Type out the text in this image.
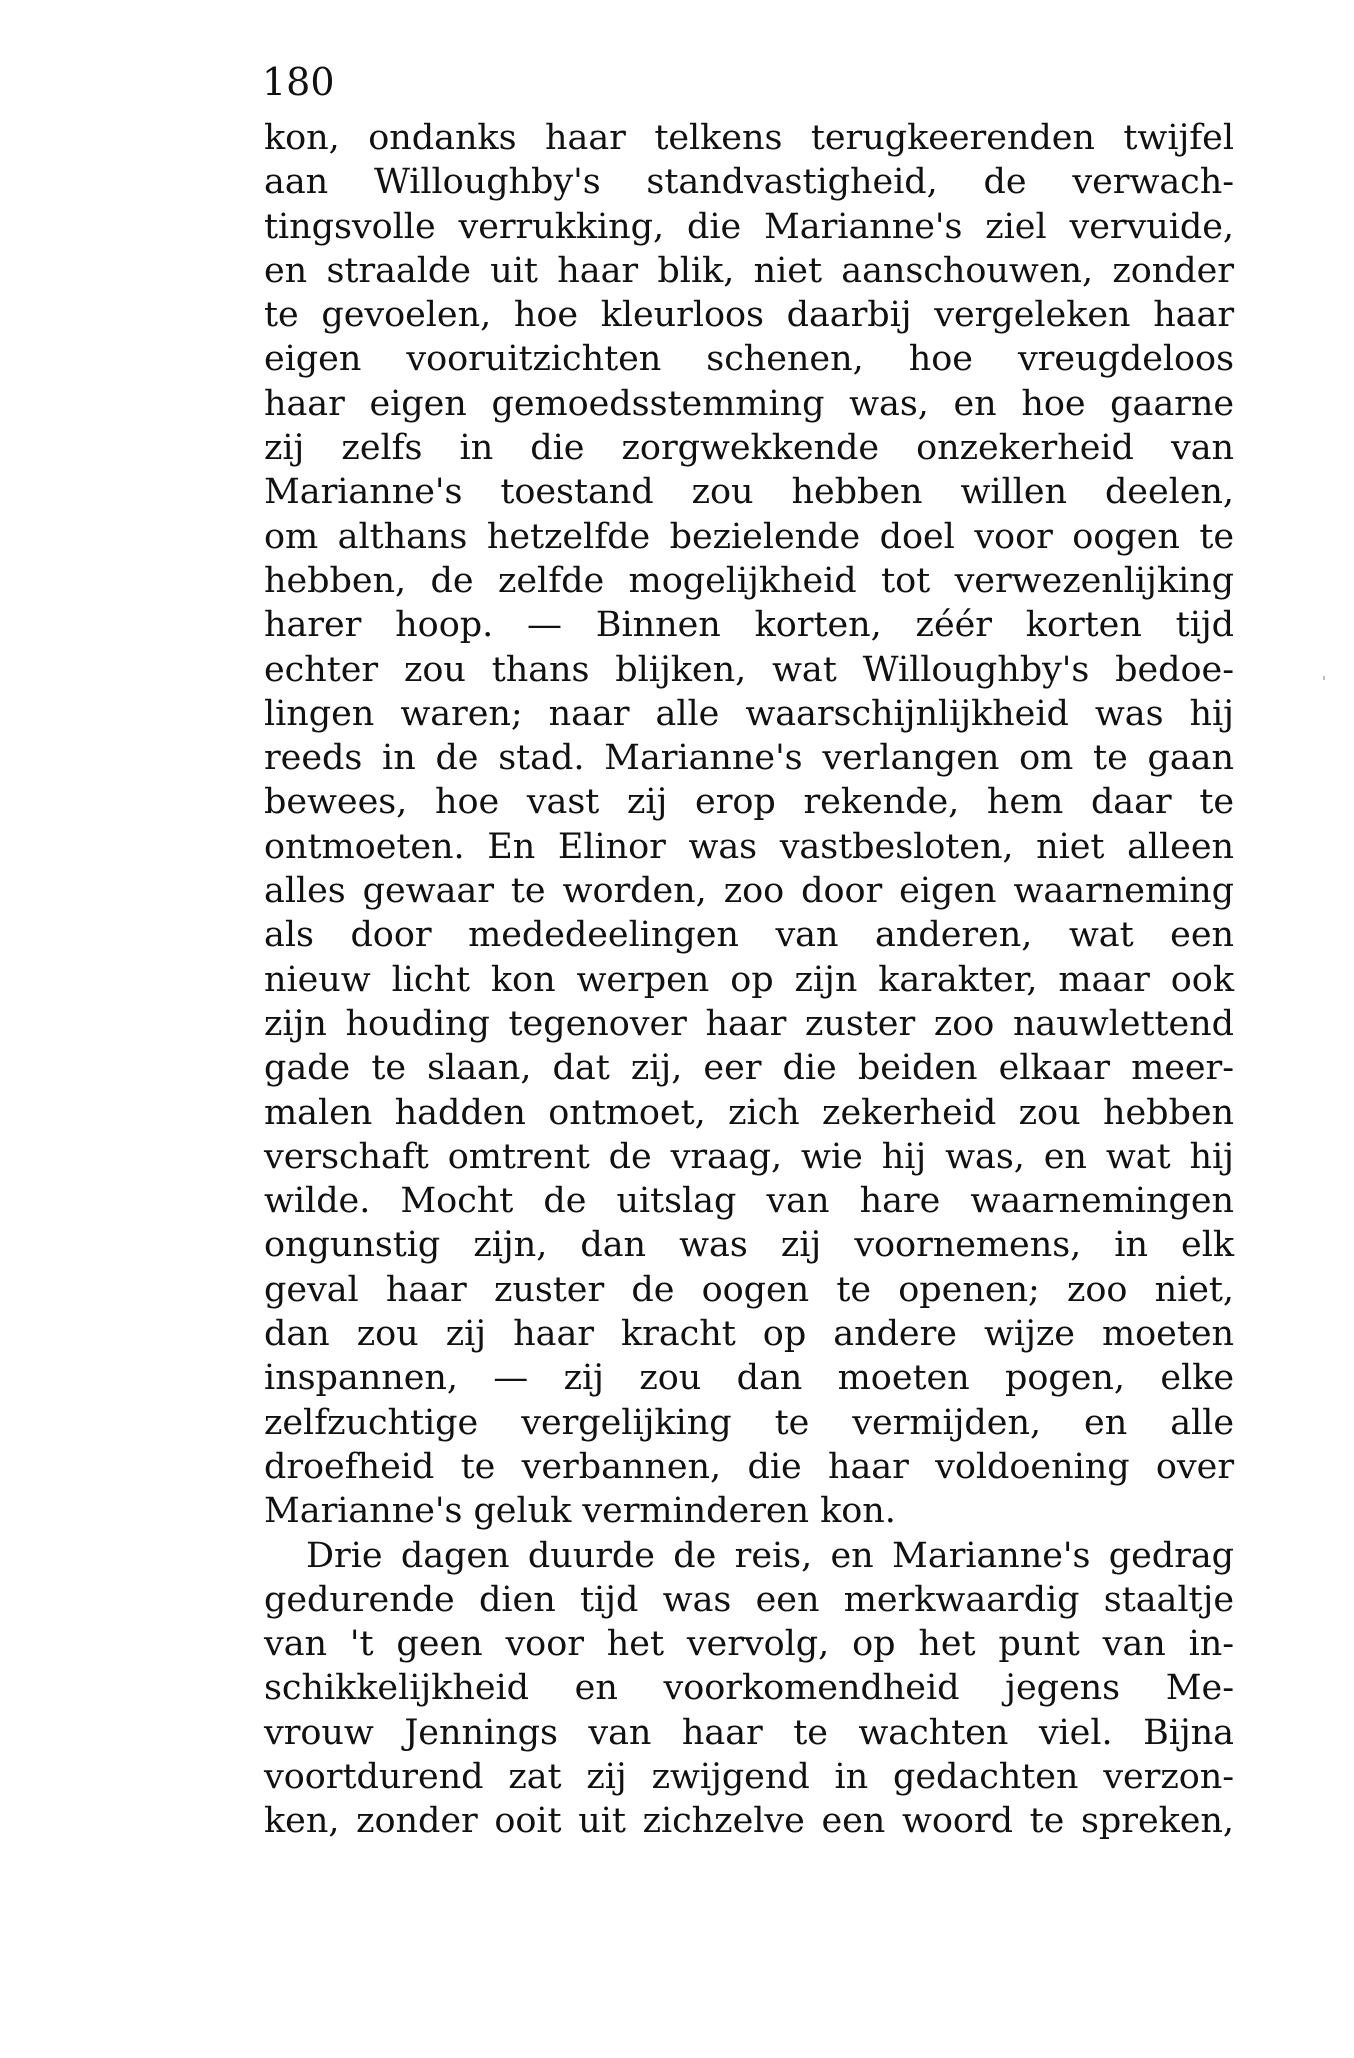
180
kon, ondanks haar telkens terugkeerenden twijfel
aan Willoughby's standvastigheid, de verwach-
tingsvolle verrukking, die Marianne's ziel vervuide,
en straalde uit haar blik, niet aanschouwen, zonder
te gevoelen, hoe kleurloos daarbij vergeleken haar
eigen vooruitzichten schenen, hoe vreugdeloos
haar eigen gemoedsstemming was, en hoe gaarne
zij zelfs in die zorgwekkende onzekerheid van
Marianne's toestand zou hebben willen deelen,
om althans hetzelfde bezielende doel voor oogen te
hebben, de zelfde mogelijkheid tot verwezenlijking
harer hoop. — Binnen korten, zéér korten tijd
echter zou thans blijken, wat Willoughby's bedoe-
lingen waren; naar alle waarschijnlijkheid was hij
reeds in de stad. Marianne's verlangen om te gaan
bewees, hoe vast zij erop rekende, hem daar te
ontmoeten. En Elinor was vastbesloten, niet alleen
alles gewaar te worden, zoo door eigen waarneming
als door mededeelingen van anderen, wat een
nieuw licht kon werpen op zijn karakter, maar ook
zijn houding tegenover haar zuster zoo nauwlettend
gade te slaan, dat zij, eer die beiden elkaar meer-
malen hadden ontmoet, zich zekerheid zou hebben
verschaft omtrent de vraag, wie hij was, en wat hij
wilde. Mocht de uitslag van hare waarnemingen
ongunstig zijn, dan was zij voornemens, in elk
geval haar zuster de oogen te openen; zoo niet,
dan zou zij haar kracht op andere wijze moeten
inspannen, — zij zou dan moeten pogen, elke
zelfzuchtige vergelijking te vermijden, en alle
droefheid te verbannen, die haar voldoening over
Marianne's geluk verminderen kon.
Drie dagen duurde de reis, en Marianne's gedrag
gedurende dien tijd was een merkwaardig staaltje
van 't geen voor het vervolg, op het punt van in-
schikkelijkheid en voorkomendheid jegens Me-
vrouw Jennings van haar te wachten viel. Bijna
voortdurend zat zij zwijgend in gedachten verzon-
ken, zonder ooit uit zichzelve een woord te spreken,
